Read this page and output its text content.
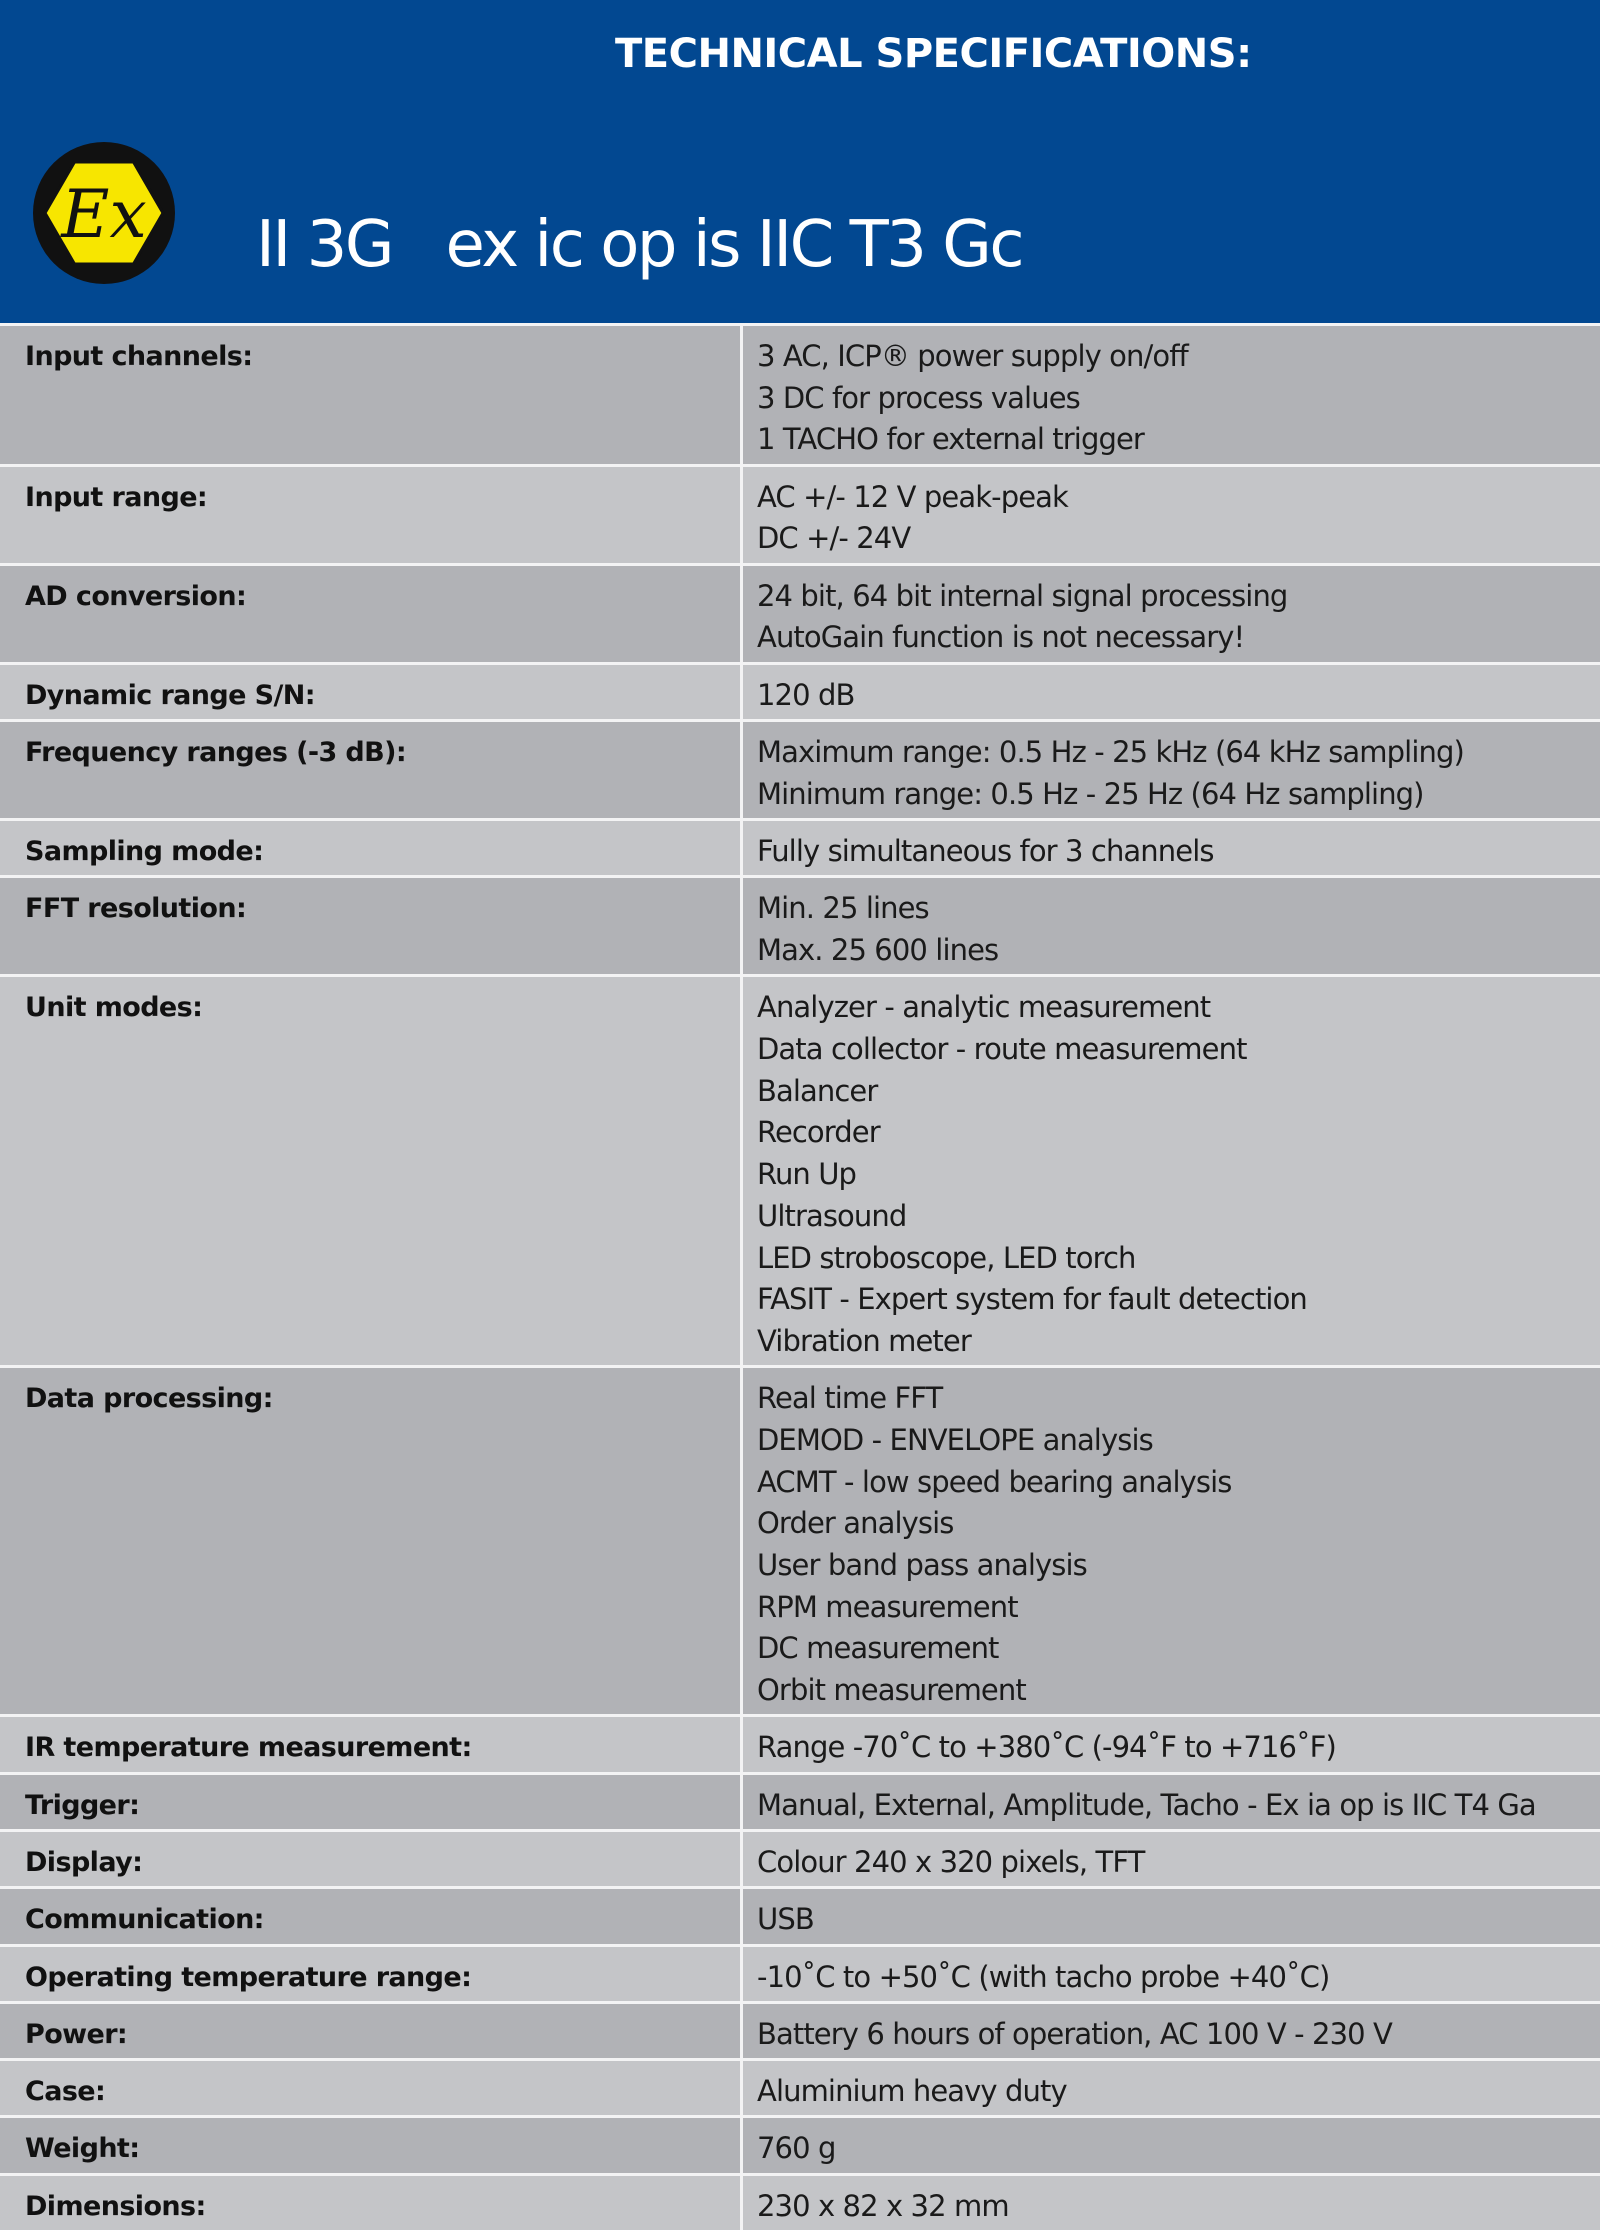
TECHNICAL SPECIFICATIONS:
Ex II 3G   ex ic op is IIC T3 Gc
Input channels:	3 AC, ICP® power supply on/off
3 DC for process values
1 TACHO for external trigger
Input range:	AC +/- 12 V peak-peak
DC +/- 24V
AD conversion:	24 bit, 64 bit internal signal processing
AutoGain function is not necessary!
Dynamic range S/N:	120 dB
Frequency ranges (-3 dB):	Maximum range: 0.5 Hz - 25 kHz (64 kHz sampling)
Minimum range: 0.5 Hz - 25 Hz (64 Hz sampling)
Sampling mode:	Fully simultaneous for 3 channels
FFT resolution:	Min. 25 lines
Max. 25 600 lines
Unit modes:	Analyzer - analytic measurement
Data collector - route measurement
Balancer
Recorder
Run Up
Ultrasound
LED stroboscope, LED torch
FASIT - Expert system for fault detection
Vibration meter
Data processing:	Real time FFT
DEMOD - ENVELOPE analysis
ACMT - low speed bearing analysis
Order analysis
User band pass analysis
RPM measurement
DC measurement
Orbit measurement
IR temperature measurement:	Range -70˚C to +380˚C (-94˚F to +716˚F)
Trigger:	Manual, External, Amplitude, Tacho - Ex ia op is IIC T4 Ga
Display:	Colour 240 x 320 pixels, TFT
Communication:	USB
Operating temperature range:	-10˚C to +50˚C (with tacho probe +40˚C)
Power:	Battery 6 hours of operation, AC 100 V - 230 V
Case:	Aluminium heavy duty
Weight:	760 g
Dimensions:	230 x 82 x 32 mm
